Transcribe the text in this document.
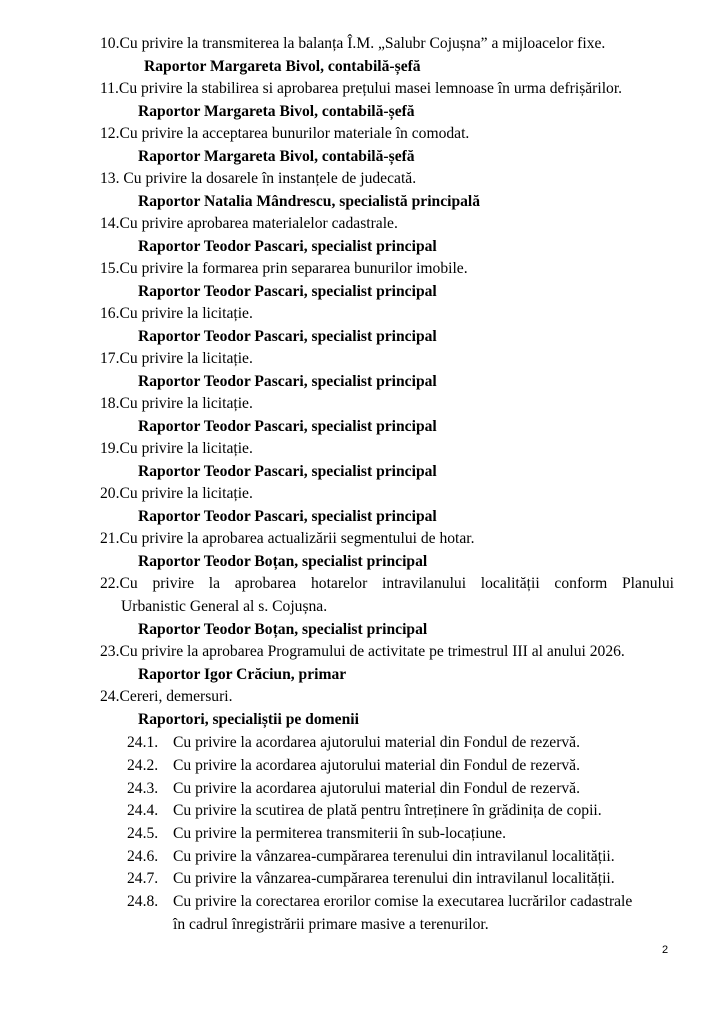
10.Cu privire la transmiterea la balanța Î.M. „Salubr Cojușna” a mijloacelor fixe.
Raportor Margareta Bivol, contabilă-șefă
11.Cu privire la stabilirea si aprobarea prețului masei lemnoase în urma defrișărilor.
Raportor Margareta Bivol, contabilă-șefă
12.Cu privire la acceptarea bunurilor materiale în comodat.
Raportor Margareta Bivol, contabilă-șefă
13. Cu privire la dosarele în instanțele de judecată.
Raportor Natalia Mândrescu, specialistă principală
14.Cu privire aprobarea materialelor cadastrale.
Raportor Teodor Pascari, specialist principal
15.Cu privire la formarea prin separarea bunurilor imobile.
Raportor Teodor Pascari, specialist principal
16.Cu privire la licitație.
Raportor Teodor Pascari, specialist principal
17.Cu privire la licitație.
Raportor Teodor Pascari, specialist principal
18.Cu privire la licitație.
Raportor Teodor Pascari, specialist principal
19.Cu privire la licitație.
Raportor Teodor Pascari, specialist principal
20.Cu privire la licitație.
Raportor Teodor Pascari, specialist principal
21.Cu privire la aprobarea actualizării segmentului de hotar.
Raportor Teodor Boțan, specialist principal
22.Cu privire la aprobarea hotarelor intravilanului localității conform Planului
Urbanistic General al s. Cojușna.
Raportor Teodor Boțan, specialist principal
23.Cu privire la aprobarea Programului de activitate pe trimestrul III al anului 2026.
Raportor Igor Crăciun, primar
24.Cereri, demersuri.
Raportori, specialiștii pe domenii
24.1. Cu privire la acordarea ajutorului material din Fondul de rezervă.
24.2. Cu privire la acordarea ajutorului material din Fondul de rezervă.
24.3. Cu privire la acordarea ajutorului material din Fondul de rezervă.
24.4. Cu privire la scutirea de plată pentru întreținere în grădinița de copii.
24.5. Cu privire la permiterea transmiterii în sub-locațiune.
24.6. Cu privire la vânzarea-cumpărarea terenului din intravilanul localității.
24.7. Cu privire la vânzarea-cumpărarea terenului din intravilanul localității.
24.8. Cu privire la corectarea erorilor comise la executarea lucrărilor cadastrale
în cadrul înregistrării primare masive a terenurilor.
2
